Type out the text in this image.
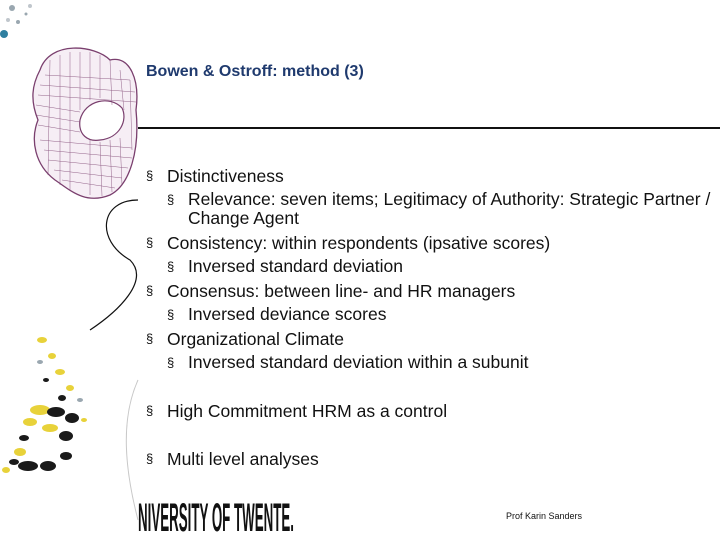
Bowen & Ostroff: method (3)
§ Distinctiveness
§ Relevance: seven items; Legitimacy of Authority: Strategic Partner / Change Agent
§ Consistency: within respondents (ipsative scores)
§ Inversed standard deviation
§ Consensus: between line- and HR managers
§ Inversed deviance scores
§ Organizational Climate
§ Inversed standard deviation within a subunit
§ High Commitment HRM as a control
§ Multi level analyses
NIVERSITY OF TWENTE.	Prof Karin Sanders
